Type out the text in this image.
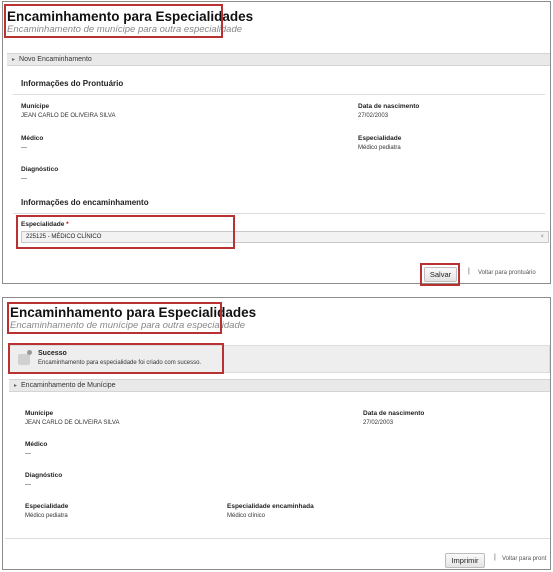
Encaminhamento para Especialidades
Encaminhamento de munícipe para outra especialidade
▸ Novo Encaminhamento
Informações do Prontuário
Munícipe
JEAN CARLO DE OLIVEIRA SILVA
Data de nascimento
27/02/2003
Médico
—
Especialidade
Médico pediatra
Diagnóstico
—
Informações do encaminhamento
Especialidade *
225125 - MÉDICO CLÍNICO	×
Salvar	| Voltar para prontuário
Encaminhamento para Especialidades
Encaminhamento de munícipe para outra especialidade
Sucesso
Encaminhamento para especialidade foi criado com sucesso.
▸ Encaminhamento de Munícipe
Munícipe
JEAN CARLO DE OLIVEIRA SILVA
Data de nascimento
27/02/2003
Médico
—
Diagnóstico
—
Especialidade
Médico pediatra
Especialidade encaminhada
Médico clínico
Imprimir	| Voltar para pront
